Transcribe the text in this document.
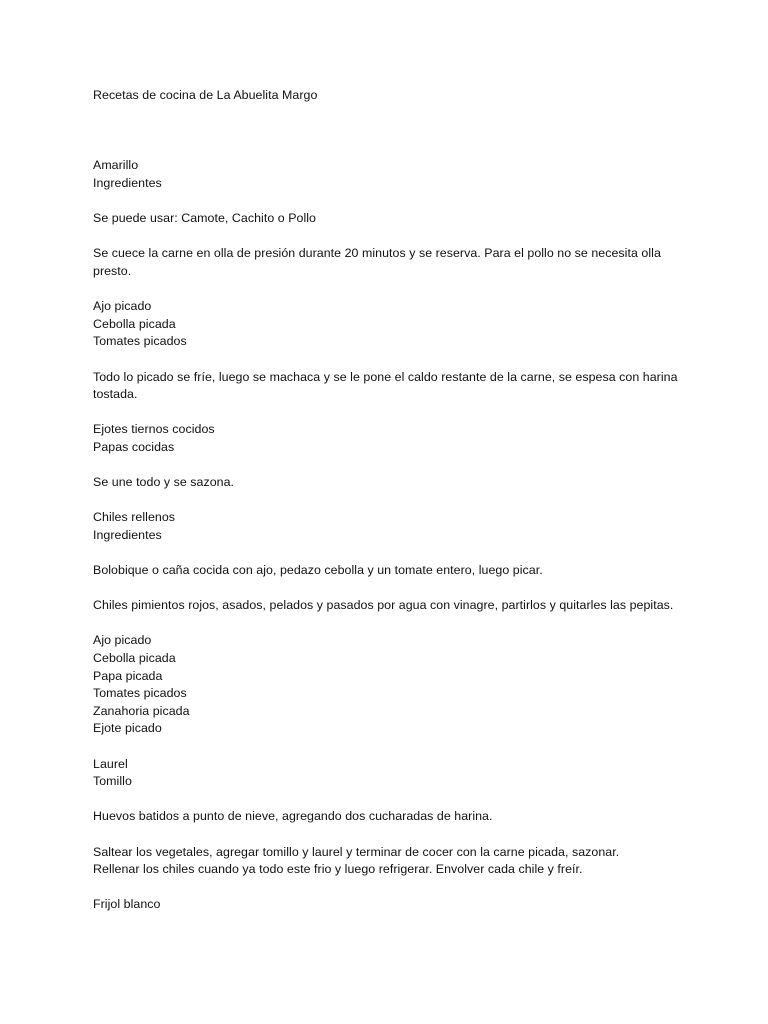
Recetas de cocina de La Abuelita Margo
Amarillo
Ingredientes
Se puede usar: Camote, Cachito o Pollo
Se cuece la carne en olla de presión durante 20 minutos y se reserva. Para el pollo no se necesita olla presto.
Ajo picado
Cebolla picada
Tomates picados
Todo lo picado se fríe, luego se machaca y se le pone el caldo restante de la carne, se espesa con harina tostada.
Ejotes tiernos cocidos
Papas cocidas
Se une todo y se sazona.
Chiles rellenos
Ingredientes
Bolobique o caña cocida con ajo, pedazo cebolla y un tomate entero, luego picar.
Chiles pimientos rojos, asados, pelados y pasados por agua con vinagre, partirlos y quitarles las pepitas.
Ajo picado
Cebolla picada
Papa picada
Tomates picados
Zanahoria picada
Ejote picado
Laurel
Tomillo
Huevos batidos a punto de nieve, agregando dos cucharadas de harina.
Saltear los vegetales, agregar tomillo y laurel y terminar de cocer con la carne picada, sazonar.
Rellenar los chiles cuando ya todo este frio y luego refrigerar. Envolver cada chile y freír.
Frijol blanco
